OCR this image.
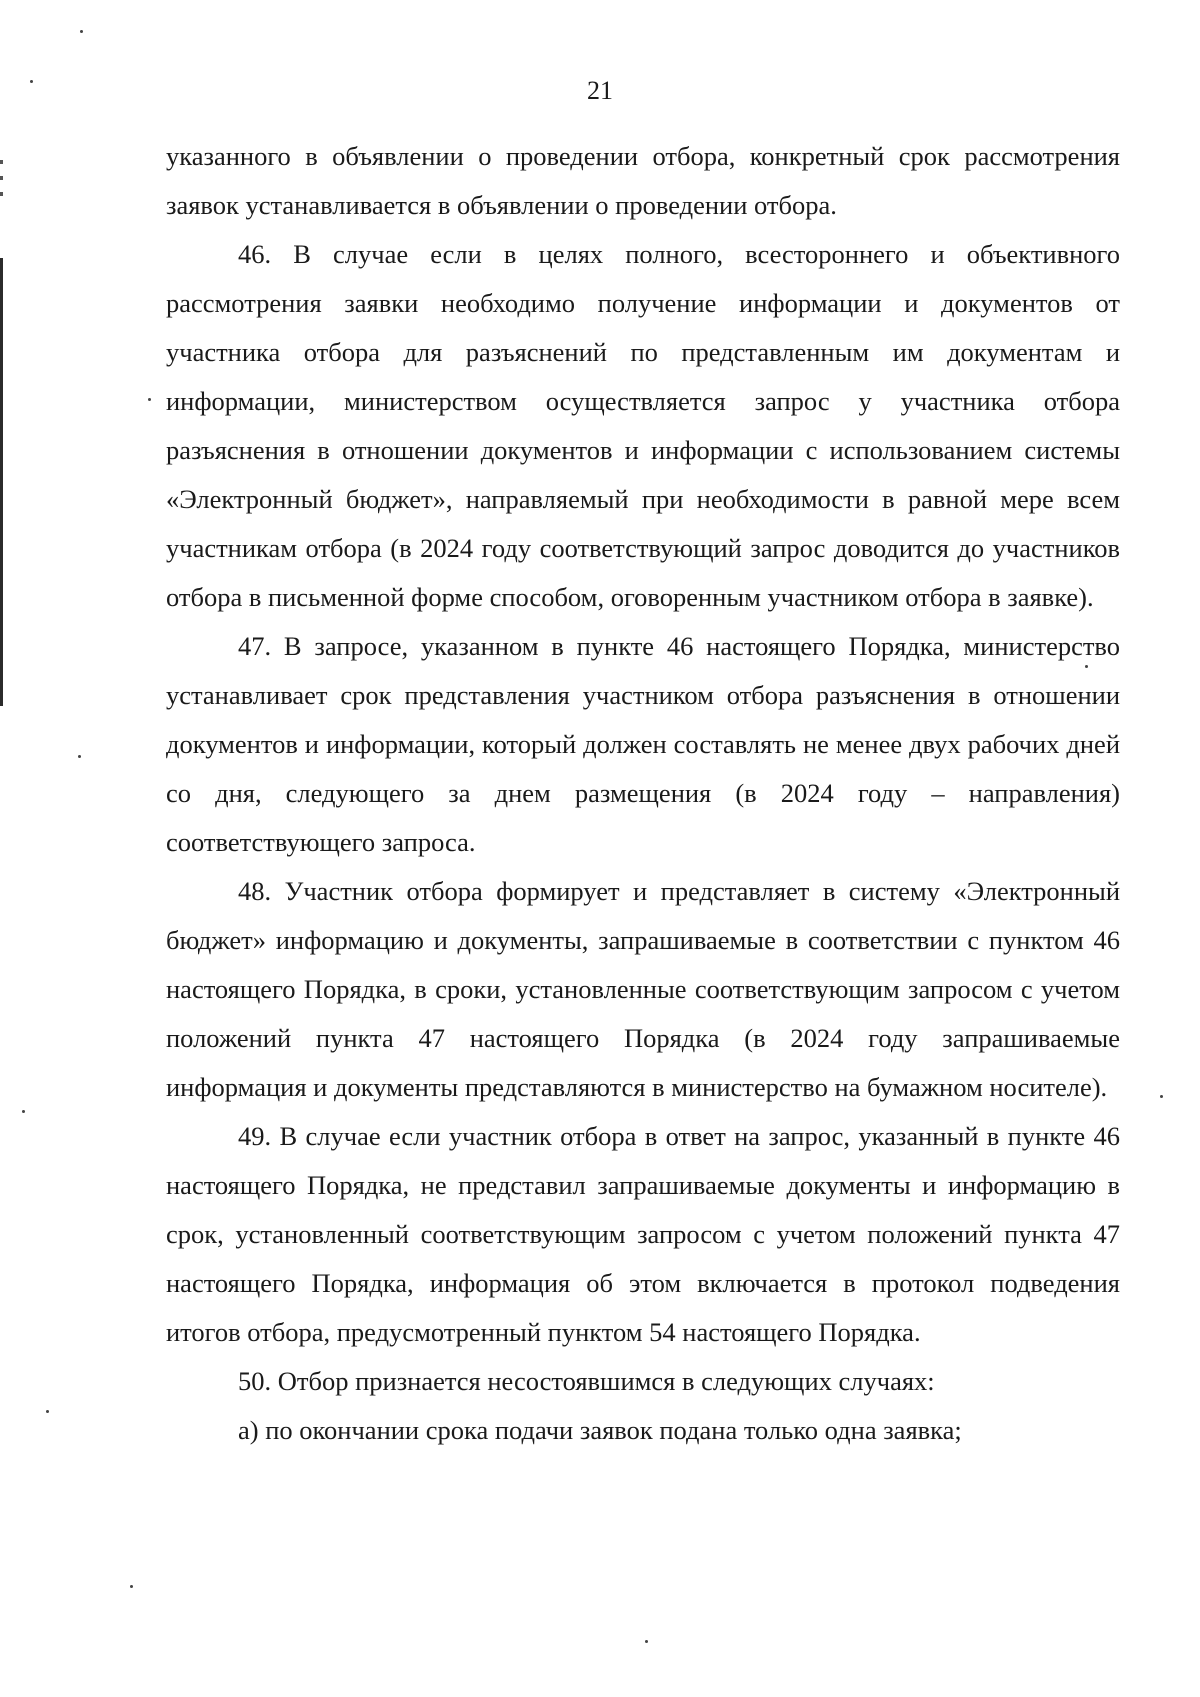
21

указанного в объявлении о проведении отбора, конкретный срок рассмотрения заявок устанавливается в объявлении о проведении отбора.

46. В случае если в целях полного, всестороннего и объективного рассмотрения заявки необходимо получение информации и документов от участника отбора для разъяснений по представленным им документам и информации, министерством осуществляется запрос у участника отбора разъяснения в отношении документов и информации с использованием системы «Электронный бюджет», направляемый при необходимости в равной мере всем участникам отбора (в 2024 году соответствующий запрос доводится до участников отбора в письменной форме способом, оговоренным участником отбора в заявке).

47. В запросе, указанном в пункте 46 настоящего Порядка, министерство устанавливает срок представления участником отбора разъяснения в отношении документов и информации, который должен составлять не менее двух рабочих дней со дня, следующего за днем размещения (в 2024 году – направления) соответствующего запроса.

48. Участник отбора формирует и представляет в систему «Электронный бюджет» информацию и документы, запрашиваемые в соответствии с пунктом 46 настоящего Порядка, в сроки, установленные соответствующим запросом с учетом положений пункта 47 настоящего Порядка (в 2024 году запрашиваемые информация и документы представляются в министерство на бумажном носителе).

49. В случае если участник отбора в ответ на запрос, указанный в пункте 46 настоящего Порядка, не представил запрашиваемые документы и информацию в срок, установленный соответствующим запросом с учетом положений пункта 47 настоящего Порядка, информация об этом включается в протокол подведения итогов отбора, предусмотренный пунктом 54 настоящего Порядка.

50. Отбор признается несостоявшимся в следующих случаях:

а) по окончании срока подачи заявок подана только одна заявка;
